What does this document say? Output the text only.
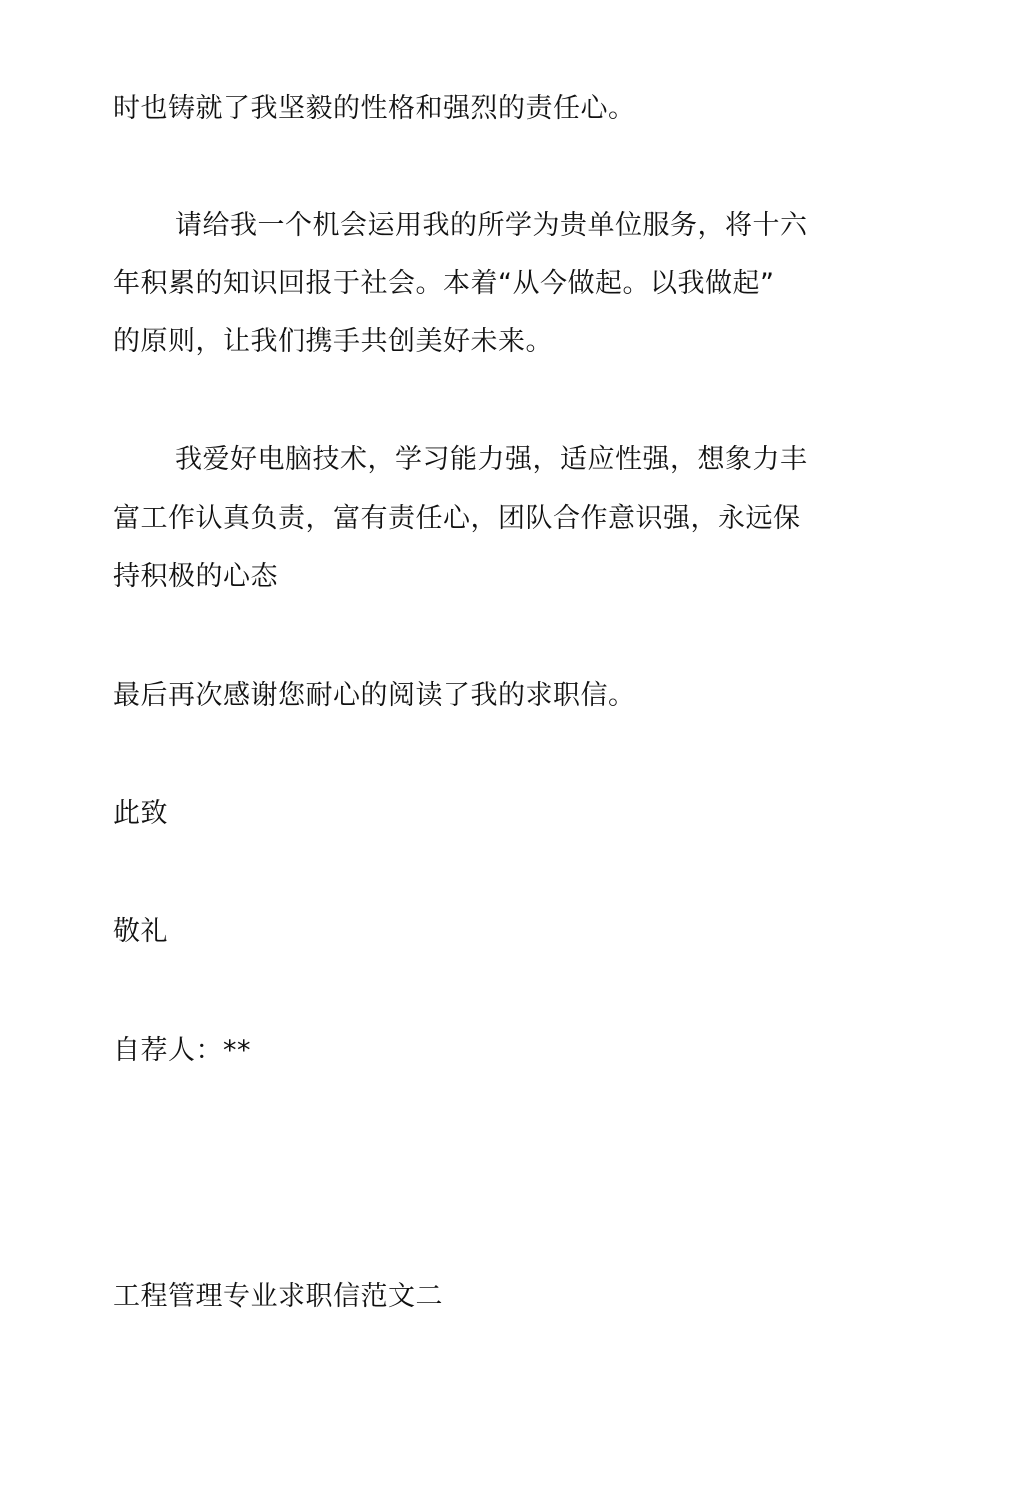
时也铸就了我坚毅的性格和强烈的责任心。
请给我一个机会运用我的所学为贵单位服务，将十六
年积累的知识回报于社会。本着“从今做起。以我做起”
的原则，让我们携手共创美好未来。
我爱好电脑技术，学习能力强，适应性强，想象力丰
富工作认真负责，富有责任心，团队合作意识强，永远保
持积极的心态
最后再次感谢您耐心的阅读了我的求职信。
此致
敬礼
自荐人：**
工程管理专业求职信范文二
